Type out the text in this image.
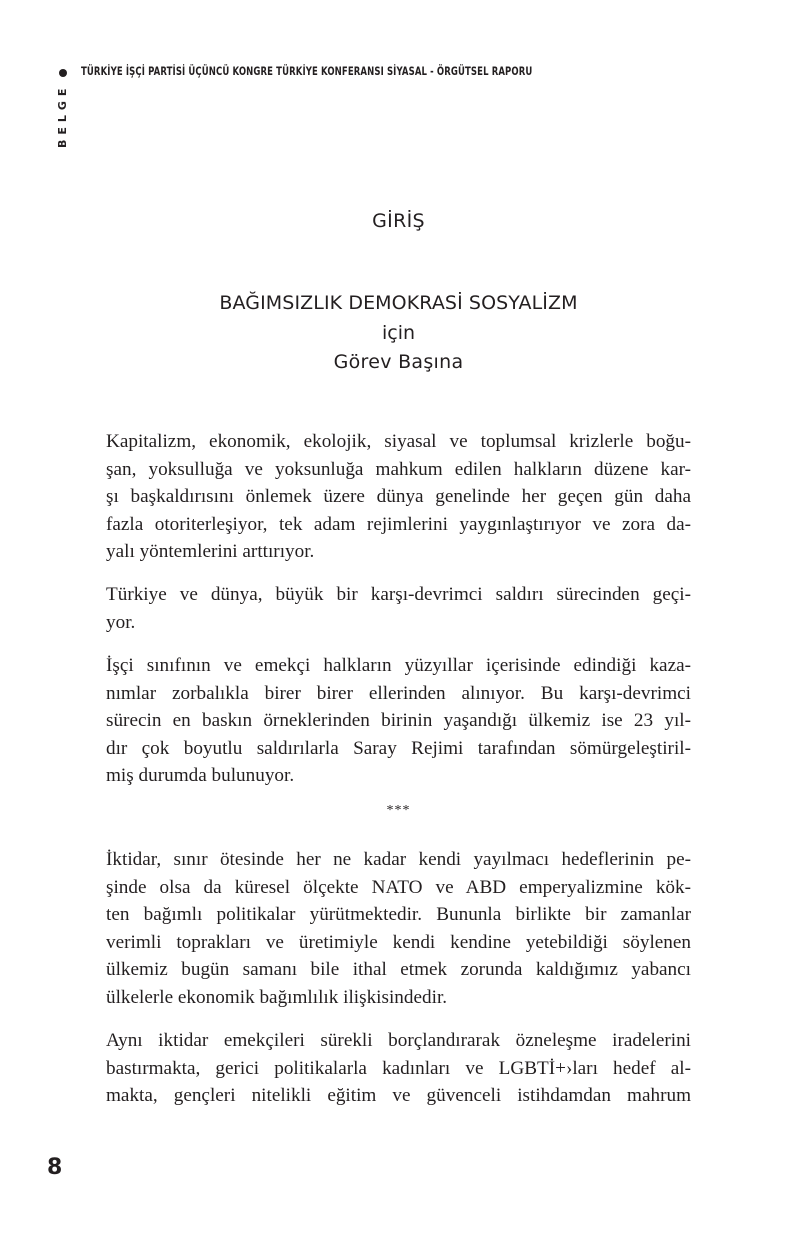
TÜRKİYE İŞÇİ PARTİSİ ÜÇÜNCÜ KONGRE TÜRKİYE KONFERANSI SİYASAL - ÖRGÜTSEL RAPORU
BELGE
GİRİŞ
BAĞIMSIZLIK DEMOKRASİ SOSYALİZM
için
Görev Başına
Kapitalizm, ekonomik, ekolojik, siyasal ve toplumsal krizlerle boğu-
şan, yoksulluğa ve yoksunluğa mahkum edilen halkların düzene kar-
şı başkaldırısını önlemek üzere dünya genelinde her geçen gün daha
fazla otoriterleşiyor, tek adam rejimlerini yaygınlaştırıyor ve zora da-
yalı yöntemlerini arttırıyor.
Türkiye ve dünya, büyük bir karşı-devrimci saldırı sürecinden geçi-
yor.
İşçi sınıfının ve emekçi halkların yüzyıllar içerisinde edindiği kaza-
nımlar zorbalıkla birer birer ellerinden alınıyor. Bu karşı-devrimci
sürecin en baskın örneklerinden birinin yaşandığı ülkemiz ise 23 yıl-
dır çok boyutlu saldırılarla Saray Rejimi tarafından sömürgeleştiril-
miş durumda bulunuyor.
***
İktidar, sınır ötesinde her ne kadar kendi yayılmacı hedeflerinin pe-
şinde olsa da küresel ölçekte NATO ve ABD emperyalizmine kök-
ten bağımlı politikalar yürütmektedir. Bununla birlikte bir zamanlar
verimli toprakları ve üretimiyle kendi kendine yetebildiği söylenen
ülkemiz bugün samanı bile ithal etmek zorunda kaldığımız yabancı
ülkelerle ekonomik bağımlılık ilişkisindedir.
Aynı iktidar emekçileri sürekli borçlandırarak özneleşme iradelerini
bastırmakta, gerici politikalarla kadınları ve LGBTİ+›ları hedef al-
makta, gençleri nitelikli eğitim ve güvenceli istihdamdan mahrum
8
